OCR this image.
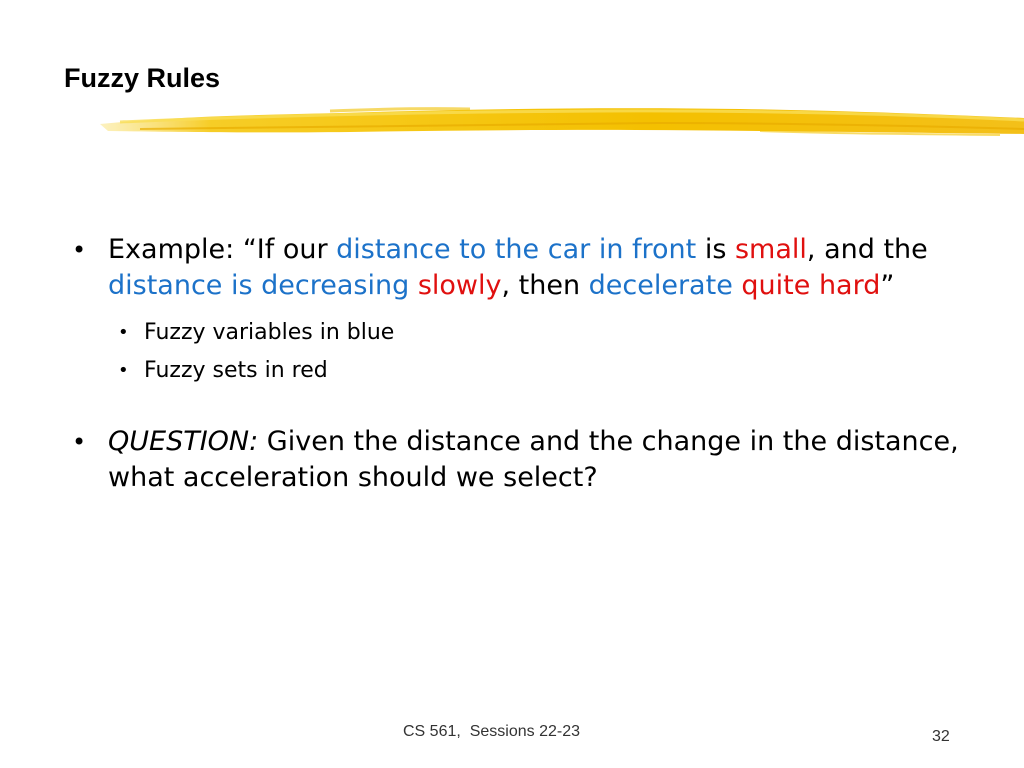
Fuzzy Rules
• Example: “If our distance to the car in front is small, and the distance is decreasing slowly, then decelerate quite hard”
• Fuzzy variables in blue
• Fuzzy sets in red
• QUESTION: Given the distance and the change in the distance, what acceleration should we select?
CS 561,  Sessions 22-23	32
